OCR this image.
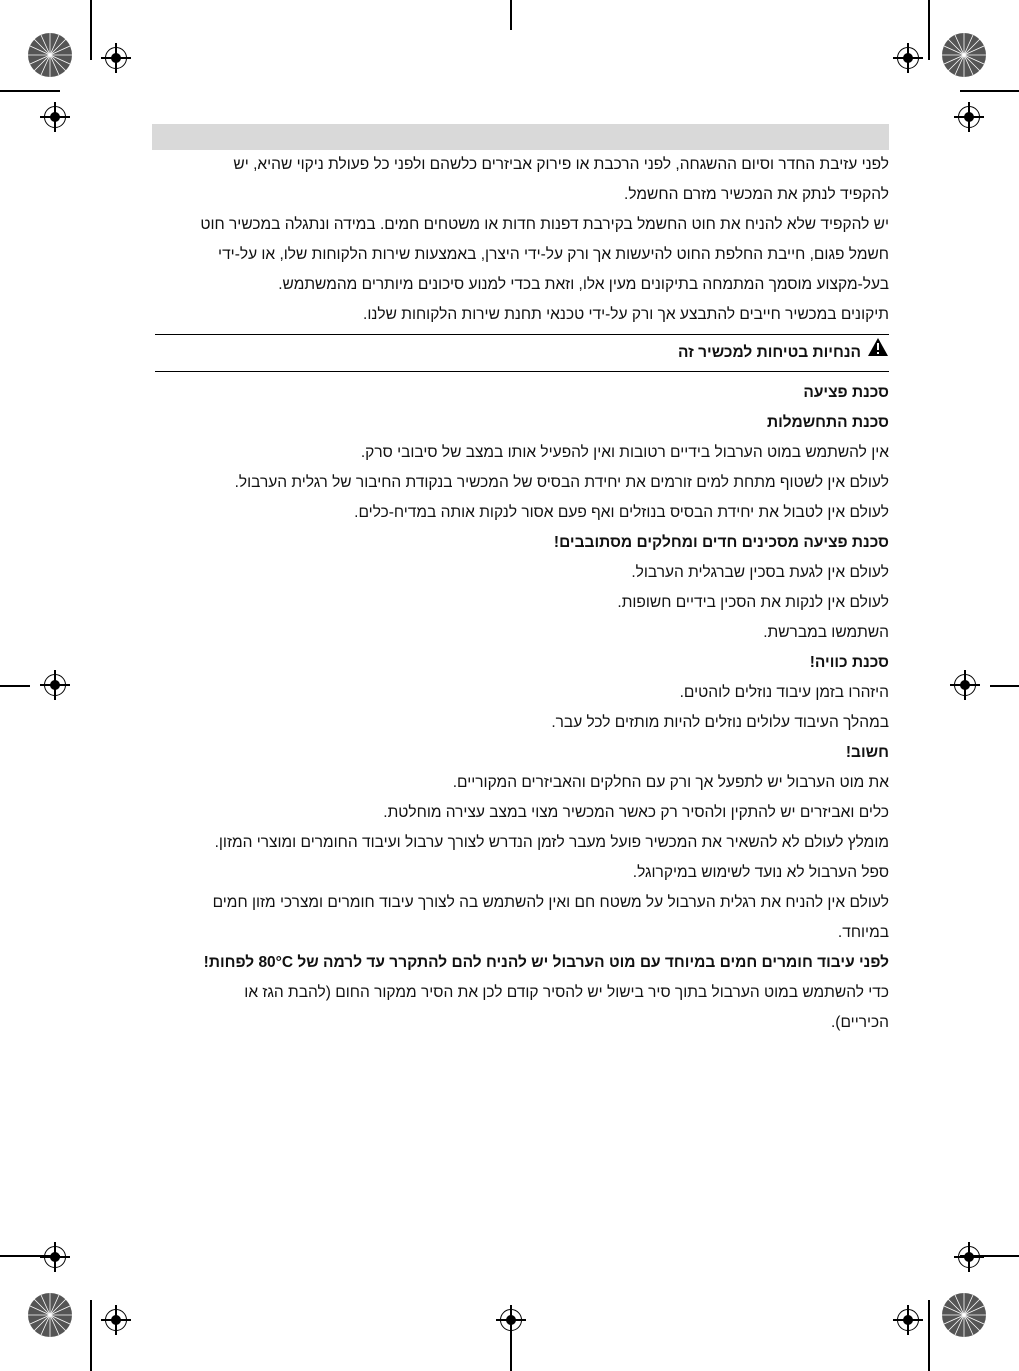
לפני עזיבת החדר וסיום ההשגחה, לפני הרכבת או פירוק אביזרים כלשהם ולפני כל פעולת ניקוי שהיא, יש
להקפיד לנתק את המכשיר מזרם החשמל.
יש להקפיד שלא להניח את חוט החשמל בקירבת דפנות חדות או משטחים חמים. במידה ונתגלה במכשיר חוט
חשמל פגום, חייבת החלפת החוט להיעשות אך ורק על-ידי היצרן, באמצעות שירות הלקוחות שלו, או על-ידי
בעל-מקצוע מוסמך המתמחה בתיקונים מעין אלו, וזאת בכדי למנוע סיכונים מיותרים מהמשתמש.
תיקונים במכשיר חייבים להתבצע אך ורק על-ידי טכנאי תחנת שירות הלקוחות שלנו.
הנחיות בטיחות למכשיר זה
סכנת פציעה
סכנת התחשמלות
אין להשתמש במוט הערבול בידיים רטובות ואין להפעיל אותו במצב של סיבובי סרק.
לעולם אין לשטוף מתחת למים זורמים את יחידת הבסיס של המכשיר בנקודת החיבור של רגלית הערבול.
לעולם אין לטבול את יחידת הבסיס בנוזלים ואף פעם אסור לנקות אותה במדיח-כלים.
סכנת פציעה מסכינים חדים ומחלקים מסתובבים!
לעולם אין לגעת בסכין שברגלית הערבול.
לעולם אין לנקות את הסכין בידיים חשופות.
השתמשו במברשת.
סכנת כוויה!
היזהרו בזמן עיבוד נוזלים לוהטים.
במהלך העיבוד עלולים נוזלים להיות מותזים לכל עבר.
חשוב!
את מוט הערבול יש לתפעל אך ורק עם החלקים והאביזרים המקוריים.
כלים ואביזרים יש להתקין ולהסיר רק כאשר המכשיר מצוי במצב עצירה מוחלטת.
מומלץ לעולם לא להשאיר את המכשיר פועל מעבר לזמן הנדרש לצורך ערבול ועיבוד החומרים ומוצרי המזון.
ספל הערבול לא נועד לשימוש במיקרוגל.
לעולם אין להניח את רגלית הערבול על משטח חם ואין להשתמש בה לצורך עיבוד חומרים ומצרכי מזון חמים
במיוחד.
לפני עיבוד חומרים חמים במיוחד עם מוט הערבול יש להניח להם להתקרר עד לרמה של 80°C לפחות!
כדי להשתמש במוט הערבול בתוך סיר בישול יש להסיר קודם לכן את הסיר ממקור החום (להבת הגז או
הכיריים).
